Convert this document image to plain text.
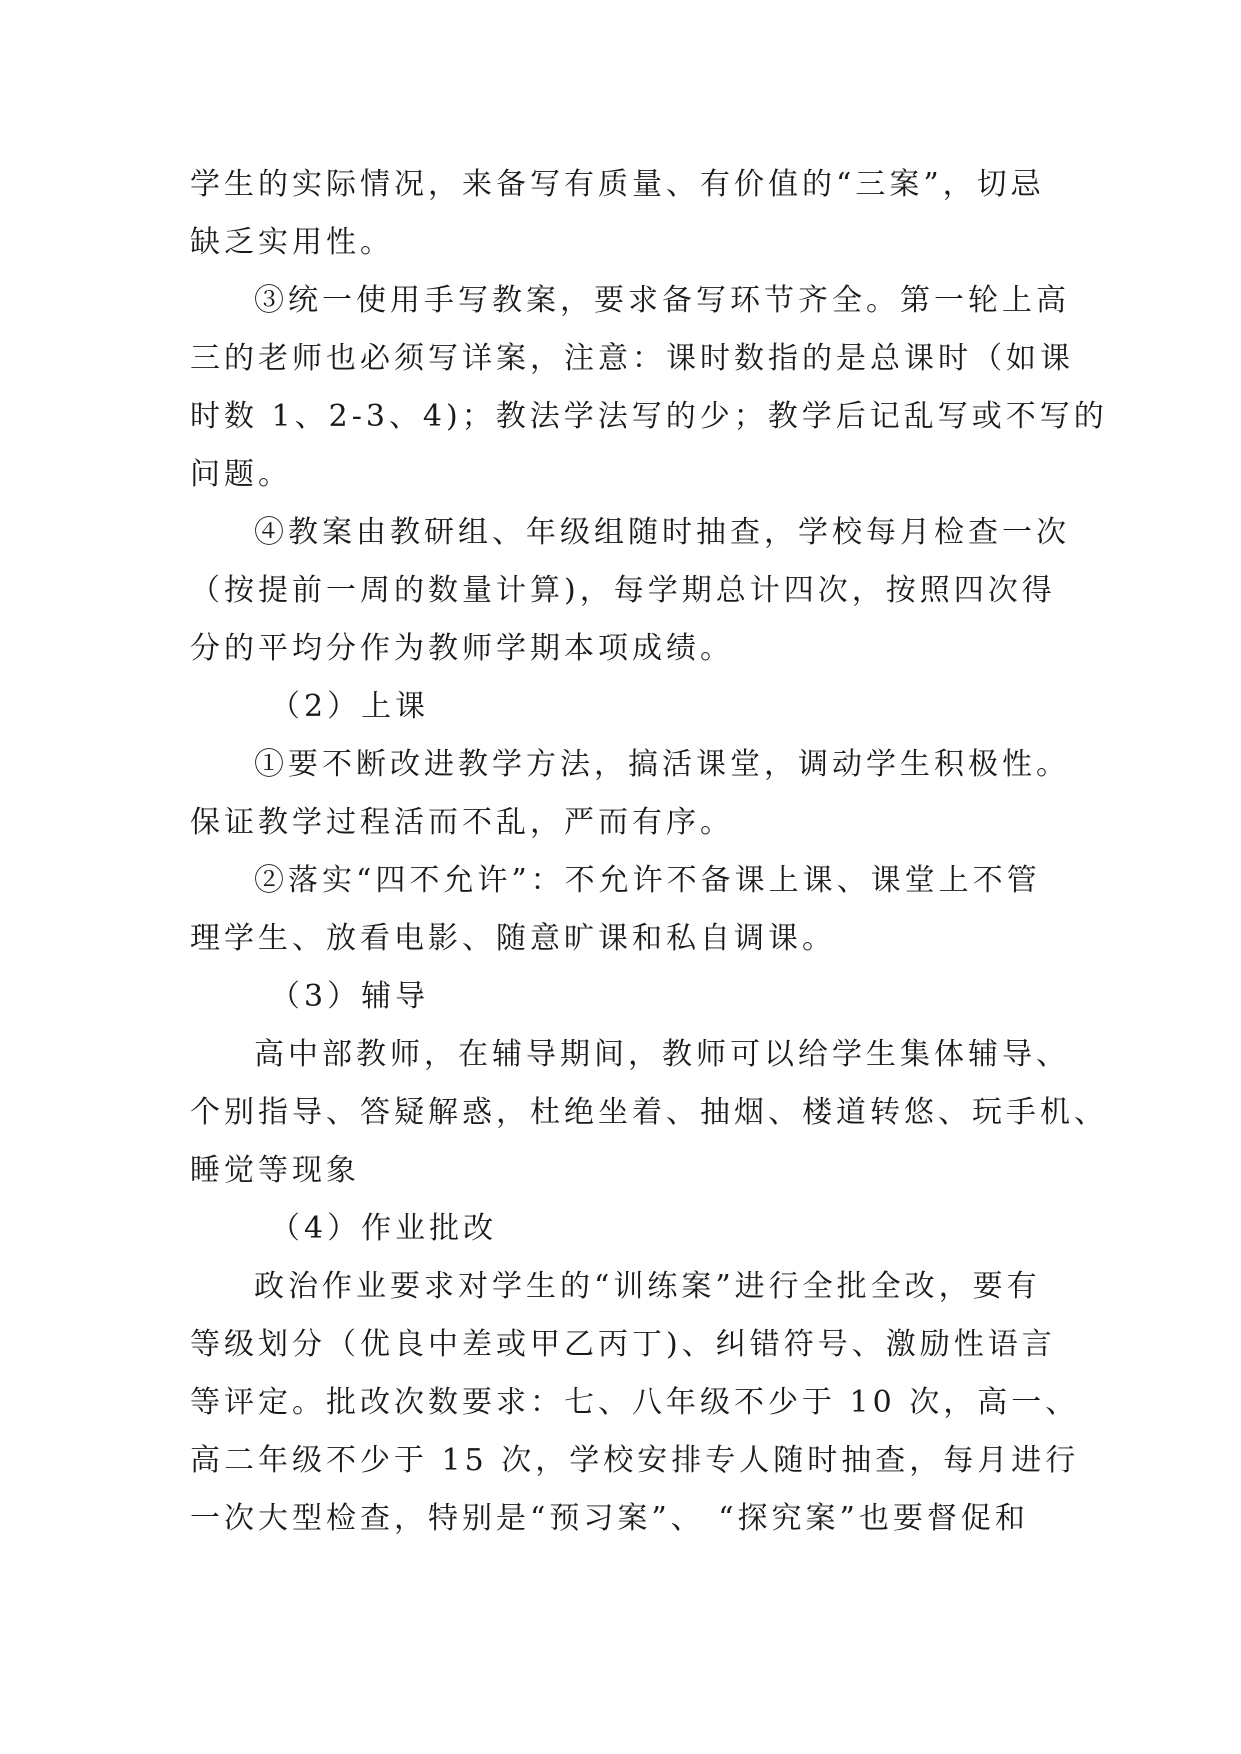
学生的实际情况，来备写有质量、有价值的“三案”，切忌
缺乏实用性。
③统一使用手写教案，要求备写环节齐全。第一轮上高
三的老师也必须写详案，注意：课时数指的是总课时（如课
时数 1、2-3、4)；教法学法写的少；教学后记乱写或不写的
问题。
④教案由教研组、年级组随时抽查，学校每月检查一次
（按提前一周的数量计算)，每学期总计四次，按照四次得
分的平均分作为教师学期本项成绩。
（2）上课
①要不断改进教学方法，搞活课堂，调动学生积极性。
保证教学过程活而不乱，严而有序。
②落实“四不允许”：不允许不备课上课、课堂上不管
理学生、放看电影、随意旷课和私自调课。
（3）辅导
高中部教师，在辅导期间，教师可以给学生集体辅导、
个别指导、答疑解惑，杜绝坐着、抽烟、楼道转悠、玩手机、
睡觉等现象
（4）作业批改
政治作业要求对学生的“训练案”进行全批全改，要有
等级划分（优良中差或甲乙丙丁)、纠错符号、激励性语言
等评定。批改次数要求：七、八年级不少于 10 次，高一、
高二年级不少于 15 次，学校安排专人随时抽查，每月进行
一次大型检查，特别是“预习案”、 “探究案”也要督促和
